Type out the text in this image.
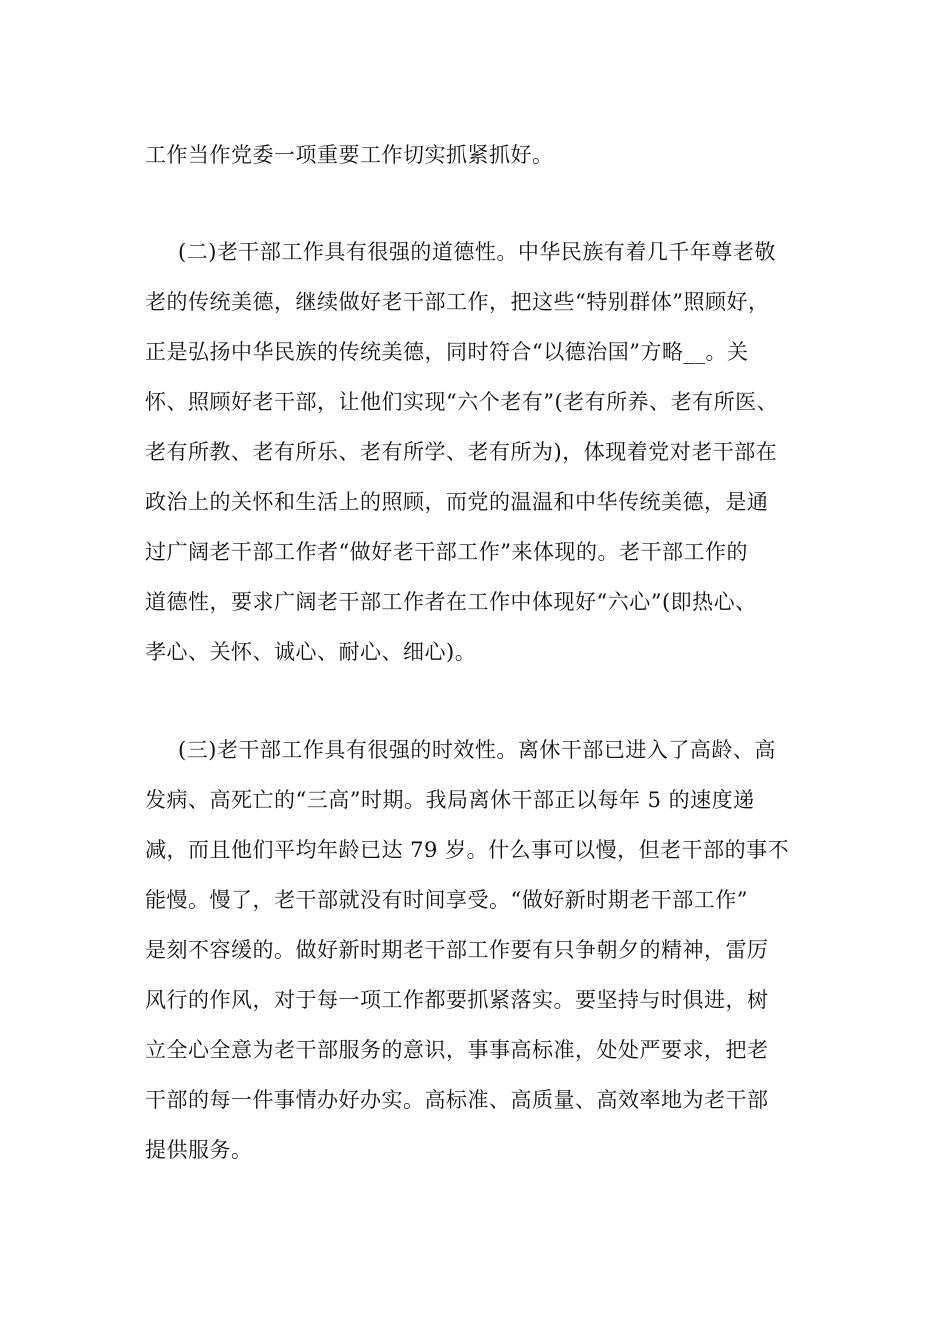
工作当作党委一项重要工作切实抓紧抓好。
(二)老干部工作具有很强的道德性。中华民族有着几千年尊老敬
老的传统美德，继续做好老干部工作，把这些“特别群体”照顾好，
正是弘扬中华民族的传统美德，同时符合“以德治国”方略__。关
怀、照顾好老干部，让他们实现“六个老有”(老有所养、老有所医、
老有所教、老有所乐、老有所学、老有所为)，体现着党对老干部在
政治上的关怀和生活上的照顾，而党的温温和中华传统美德，是通
过广阔老干部工作者“做好老干部工作”来体现的。老干部工作的
道德性，要求广阔老干部工作者在工作中体现好“六心”(即热心、
孝心、关怀、诚心、耐心、细心)。
(三)老干部工作具有很强的时效性。离休干部已进入了高龄、高
发病、高死亡的“三高”时期。我局离休干部正以每年 5 的速度递
减，而且他们平均年龄已达 79 岁。什么事可以慢，但老干部的事不
能慢。慢了，老干部就没有时间享受。“做好新时期老干部工作”
是刻不容缓的。做好新时期老干部工作要有只争朝夕的精神，雷厉
风行的作风，对于每一项工作都要抓紧落实。要坚持与时俱进，树
立全心全意为老干部服务的意识，事事高标准，处处严要求，把老
干部的每一件事情办好办实。高标准、高质量、高效率地为老干部
提供服务。
